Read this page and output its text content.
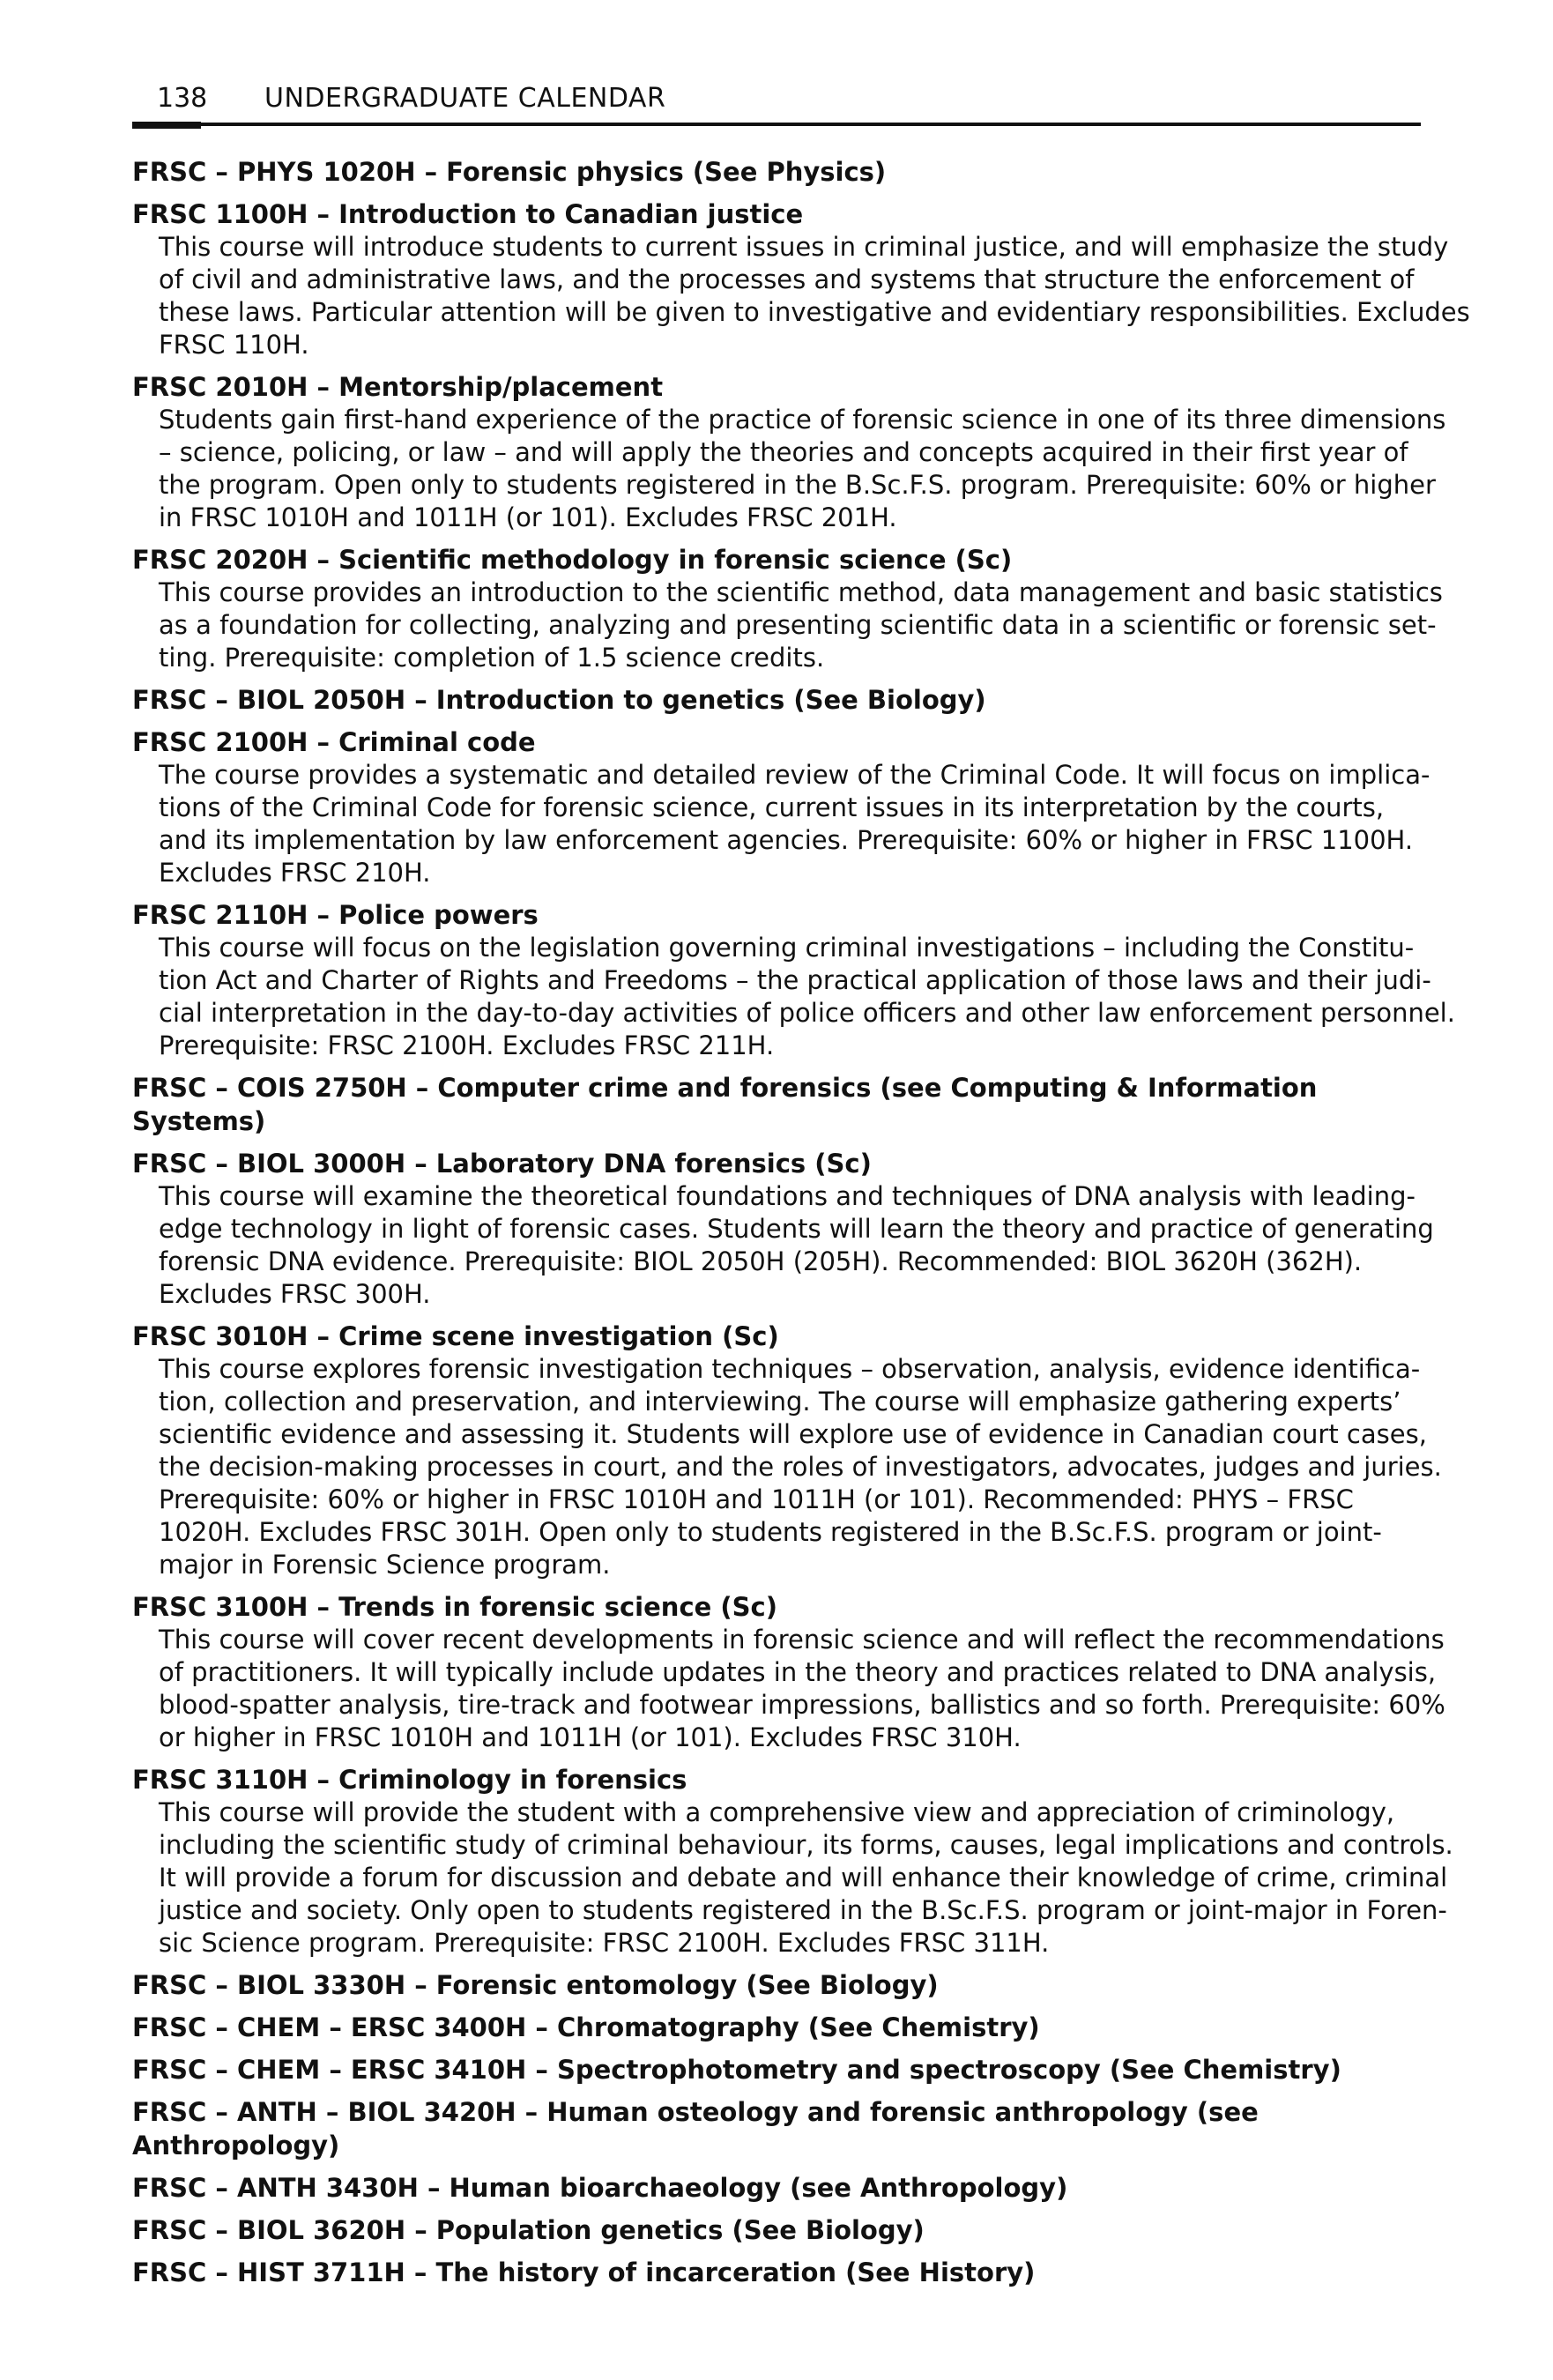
138 UNDERGRADUATE CALENDAR
FRSC – PHYS 1020H – Forensic physics (See Physics)
FRSC 1100H – Introduction to Canadian justice
This course will introduce students to current issues in criminal justice, and will emphasize the study
of civil and administrative laws, and the processes and systems that structure the enforcement of
these laws. Particular attention will be given to investigative and evidentiary responsibilities. Excludes
FRSC 110H.
FRSC 2010H – Mentorship/placement
Students gain first-hand experience of the practice of forensic science in one of its three dimensions
– science, policing, or law – and will apply the theories and concepts acquired in their first year of
the program. Open only to students registered in the B.Sc.F.S. program. Prerequisite: 60% or higher
in FRSC 1010H and 1011H (or 101). Excludes FRSC 201H.
FRSC 2020H – Scientific methodology in forensic science (Sc)
This course provides an introduction to the scientific method, data management and basic statistics
as a foundation for collecting, analyzing and presenting scientific data in a scientific or forensic set-
ting. Prerequisite: completion of 1.5 science credits.
FRSC – BIOL 2050H – Introduction to genetics (See Biology)
FRSC 2100H – Criminal code
The course provides a systematic and detailed review of the Criminal Code. It will focus on implica-
tions of the Criminal Code for forensic science, current issues in its interpretation by the courts,
and its implementation by law enforcement agencies. Prerequisite: 60% or higher in FRSC 1100H.
Excludes FRSC 210H.
FRSC 2110H – Police powers
This course will focus on the legislation governing criminal investigations – including the Constitu-
tion Act and Charter of Rights and Freedoms – the practical application of those laws and their judi-
cial interpretation in the day-to-day activities of police officers and other law enforcement personnel.
Prerequisite: FRSC 2100H. Excludes FRSC 211H.
FRSC – COIS 2750H – Computer crime and forensics (see Computing & Information Systems)
FRSC – BIOL 3000H – Laboratory DNA forensics (Sc)
This course will examine the theoretical foundations and techniques of DNA analysis with leading-
edge technology in light of forensic cases. Students will learn the theory and practice of generating
forensic DNA evidence. Prerequisite: BIOL 2050H (205H). Recommended: BIOL 3620H (362H).
Excludes FRSC 300H.
FRSC 3010H – Crime scene investigation (Sc)
This course explores forensic investigation techniques – observation, analysis, evidence identifica-
tion, collection and preservation, and interviewing. The course will emphasize gathering experts’
scientific evidence and assessing it. Students will explore use of evidence in Canadian court cases,
the decision-making processes in court, and the roles of investigators, advocates, judges and juries.
Prerequisite: 60% or higher in FRSC 1010H and 1011H (or 101). Recommended: PHYS – FRSC
1020H. Excludes FRSC 301H. Open only to students registered in the B.Sc.F.S. program or joint-
major in Forensic Science program.
FRSC 3100H – Trends in forensic science (Sc)
This course will cover recent developments in forensic science and will reflect the recommendations
of practitioners. It will typically include updates in the theory and practices related to DNA analysis,
blood-spatter analysis, tire-track and footwear impressions, ballistics and so forth. Prerequisite: 60%
or higher in FRSC 1010H and 1011H (or 101). Excludes FRSC 310H.
FRSC 3110H – Criminology in forensics
This course will provide the student with a comprehensive view and appreciation of criminology,
including the scientific study of criminal behaviour, its forms, causes, legal implications and controls.
It will provide a forum for discussion and debate and will enhance their knowledge of crime, criminal
justice and society. Only open to students registered in the B.Sc.F.S. program or joint-major in Foren-
sic Science program. Prerequisite: FRSC 2100H. Excludes FRSC 311H.
FRSC – BIOL 3330H – Forensic entomology (See Biology)
FRSC – CHEM – ERSC 3400H – Chromatography (See Chemistry)
FRSC – CHEM – ERSC 3410H – Spectrophotometry and spectroscopy (See Chemistry)
FRSC – ANTH – BIOL 3420H – Human osteology and forensic anthropology (see
Anthropology)
FRSC – ANTH 3430H – Human bioarchaeology (see Anthropology)
FRSC – BIOL 3620H – Population genetics (See Biology)
FRSC – HIST 3711H – The history of incarceration (See History)
